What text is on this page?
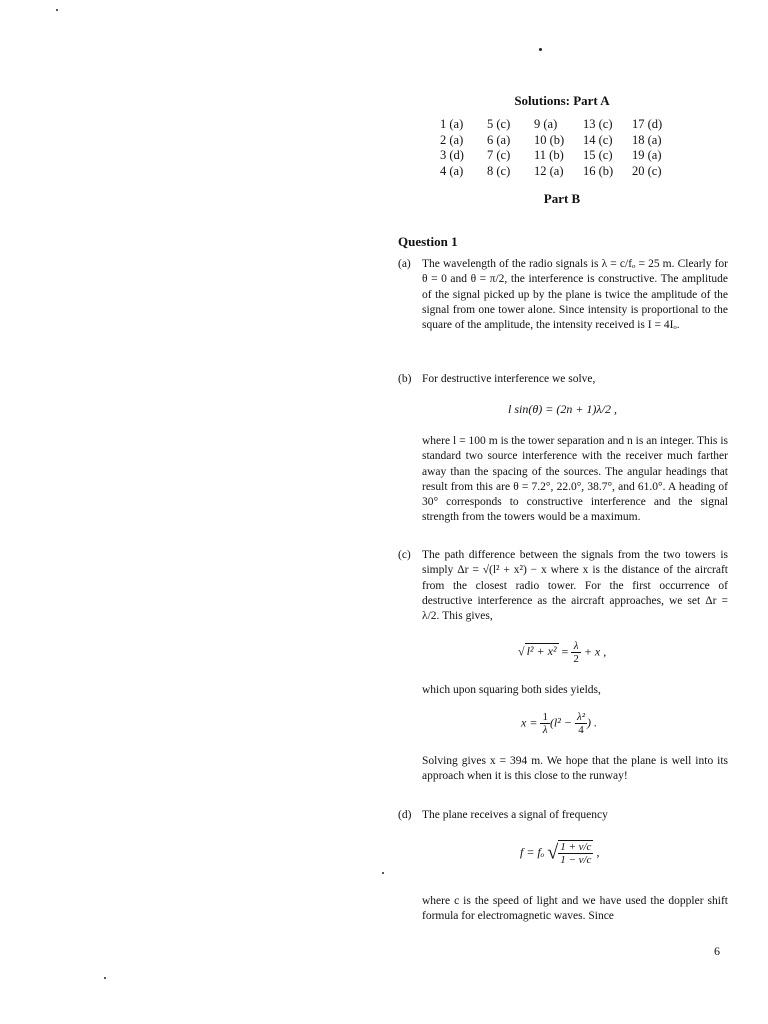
Solutions: Part A
1 (a)	5 (c)	9 (a)	13 (c)	17 (d)
2 (a)	6 (a)	10 (b)	14 (c)	18 (a)
3 (d)	7 (c)	11 (b)	15 (c)	19 (a)
4 (a)	8 (c)	12 (a)	16 (b)	20 (c)
Part B
Question 1
(a) The wavelength of the radio signals is λ = c/fₒ = 25 m. Clearly for θ = 0 and θ = π/2, the interference is constructive. The amplitude of the signal picked up by the plane is twice the amplitude of the signal from one tower alone. Since intensity is proportional to the square of the amplitude, the intensity received is I = 4Iₒ.
(b) For destructive interference we solve,
l sin(θ) = (2n + 1)λ/2 ,
where l = 100 m is the tower separation and n is an integer. This is standard two source interference with the receiver much farther away than the spacing of the sources. The angular headings that result from this are θ = 7.2°, 22.0°, 38.7°, and 61.0°. A heading of 30° corresponds to constructive interference and the signal strength from the towers would be a maximum.
(c) The path difference between the signals from the two towers is simply Δr = √(l² + x²) − x where x is the distance of the aircraft from the closest radio tower. For the first occurrence of destructive interference as the aircraft approaches, we set Δr = λ/2. This gives,
√ $l^2 + x^2 = \frac{\lambda}{2} + x$ ,
which upon squaring both sides yields,
$x = \frac{1}{\lambda} (l^2 - \frac{\text{λ²}}{4}$ ) .
Solving gives x = 394 m. We hope that the plane is well into its approach when it is this close to the runway!
(d) The plane receives a signal of frequency
f = fₒ √ $\frac{1 + v/c}{1 - v/c}$ ,
where c is the speed of light and we have used the doppler shift formula for electromagnetic waves. Since
6
